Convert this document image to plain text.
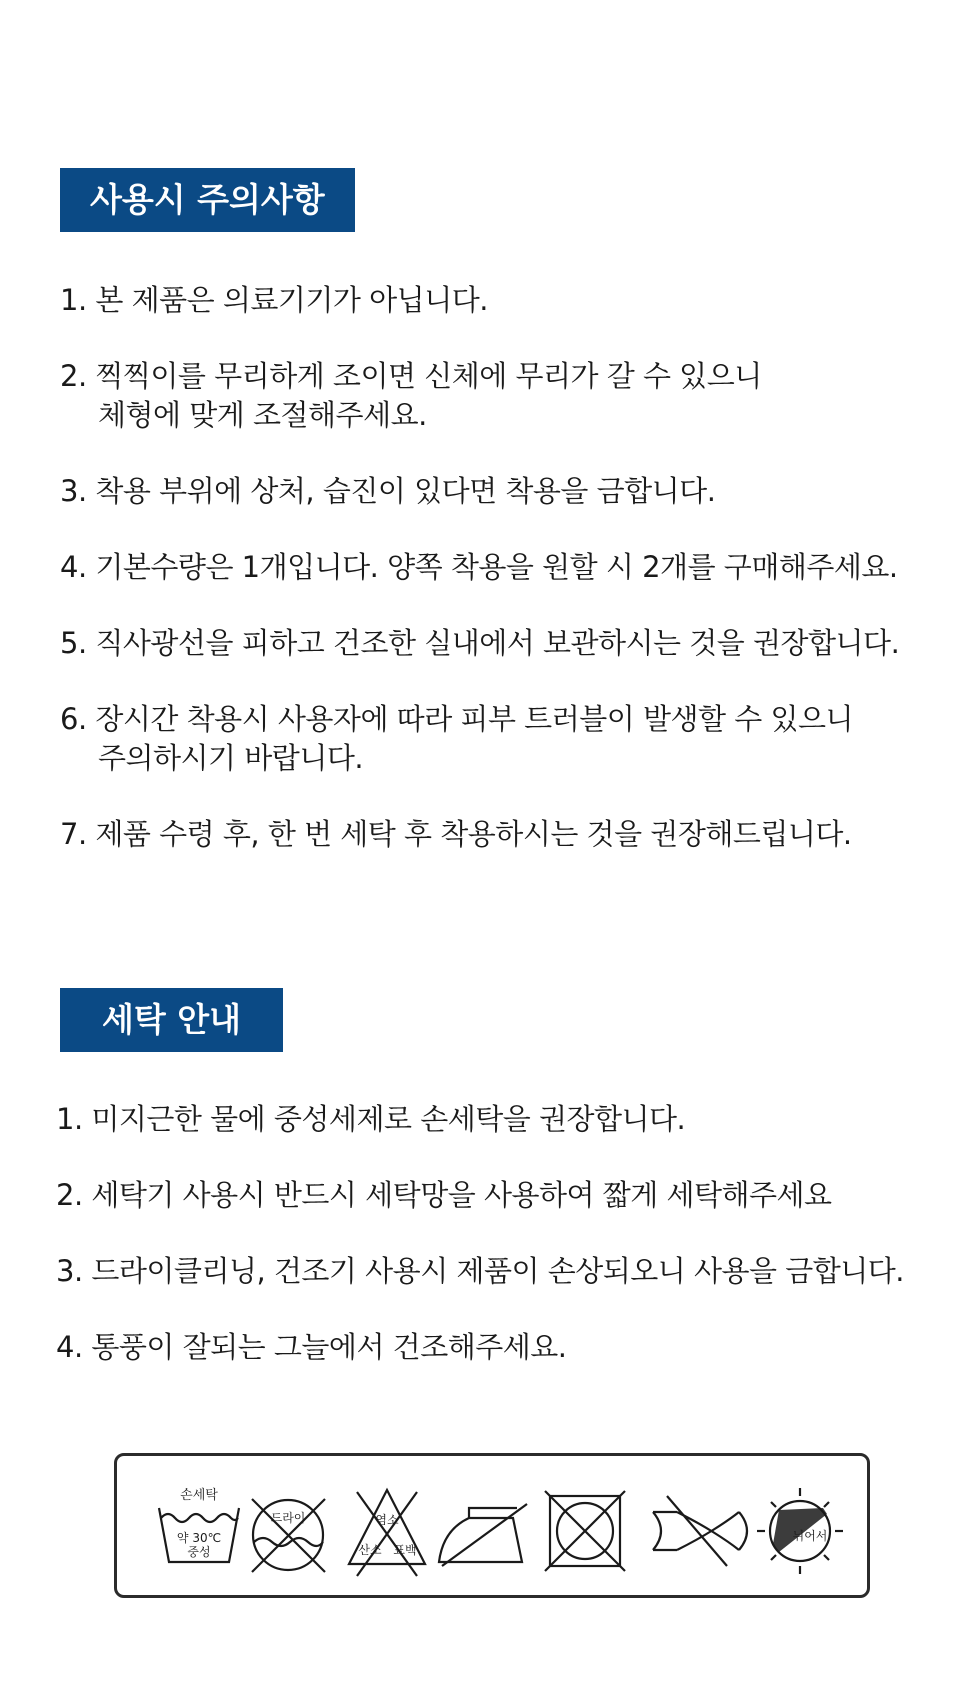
사용시 주의사항
1. 본 제품은 의료기기가 아닙니다.
2. 찍찍이를 무리하게 조이면 신체에 무리가 갈 수 있으니
체형에 맞게 조절해주세요.
3. 착용 부위에 상처, 습진이 있다면 착용을 금합니다.
4. 기본수량은 1개입니다. 양쪽 착용을 원할 시 2개를 구매해주세요.
5. 직사광선을 피하고 건조한 실내에서 보관하시는 것을 권장합니다.
6. 장시간 착용시 사용자에 따라 피부 트러블이 발생할 수 있으니
주의하시기 바랍니다.
7. 제품 수령 후, 한 번 세탁 후 착용하시는 것을 권장해드립니다.
세탁 안내
1. 미지근한 물에 중성세제로 손세탁을 권장합니다.
2. 세탁기 사용시 반드시 세탁망을 사용하여 짧게 세탁해주세요
3. 드라이클리닝, 건조기 사용시 제품이 손상되오니 사용을 금합니다.
4. 통풍이 잘되는 그늘에서 건조해주세요.
손세탁
약 30℃
중성
드라이	염소
산소 표백
뉘어서
